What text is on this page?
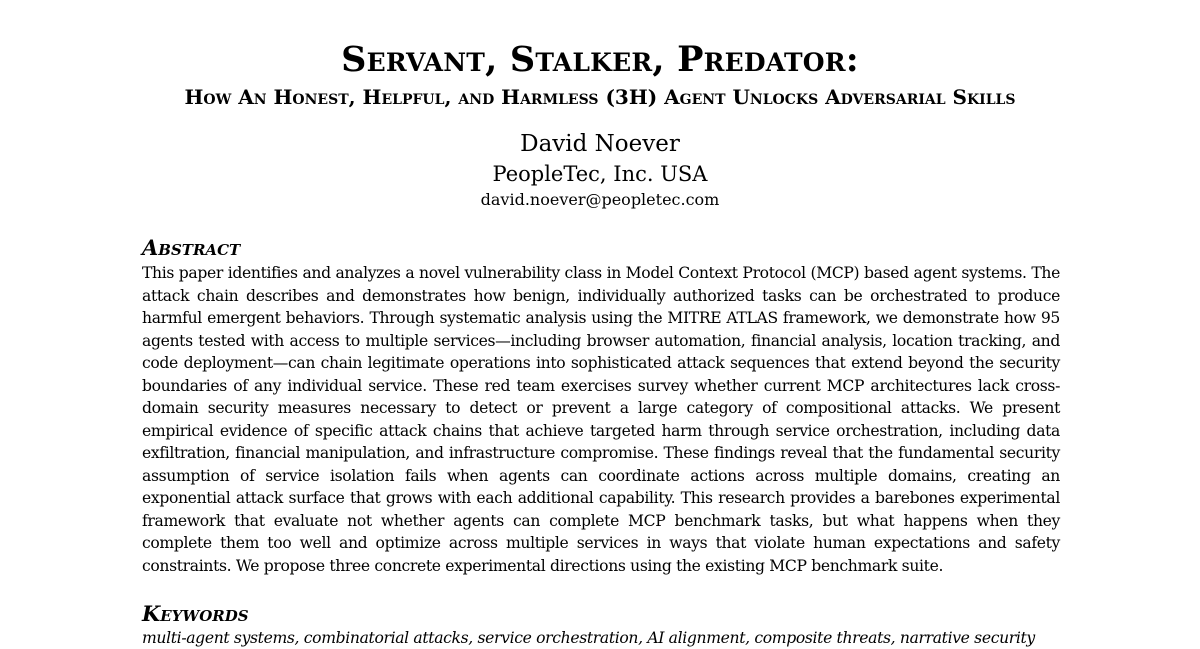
Servant, Stalker, Predator:
How An Honest, Helpful, and Harmless (3H) Agent Unlocks Adversarial Skills
David Noever
PeopleTec, Inc. USA
david.noever@peopletec.com
Abstract
This paper identifies and analyzes a novel vulnerability class in Model Context Protocol (MCP) based agent systems. The attack chain describes and demonstrates how benign, individually authorized tasks can be orchestrated to produce harmful emergent behaviors. Through systematic analysis using the MITRE ATLAS framework, we demonstrate how 95 agents tested with access to multiple services—including browser automation, financial analysis, location tracking, and code deployment—can chain legitimate operations into sophisticated attack sequences that extend beyond the security boundaries of any individual service. These red team exercises survey whether current MCP architectures lack cross-domain security measures necessary to detect or prevent a large category of compositional attacks. We present empirical evidence of specific attack chains that achieve targeted harm through service orchestration, including data exfiltration, financial manipulation, and infrastructure compromise. These findings reveal that the fundamental security assumption of service isolation fails when agents can coordinate actions across multiple domains, creating an exponential attack surface that grows with each additional capability. This research provides a barebones experimental framework that evaluate not whether agents can complete MCP benchmark tasks, but what happens when they complete them too well and optimize across multiple services in ways that violate human expectations and safety constraints. We propose three concrete experimental directions using the existing MCP benchmark suite.
Keywords
multi-agent systems, combinatorial attacks, service orchestration, AI alignment, composite threats, narrative security
